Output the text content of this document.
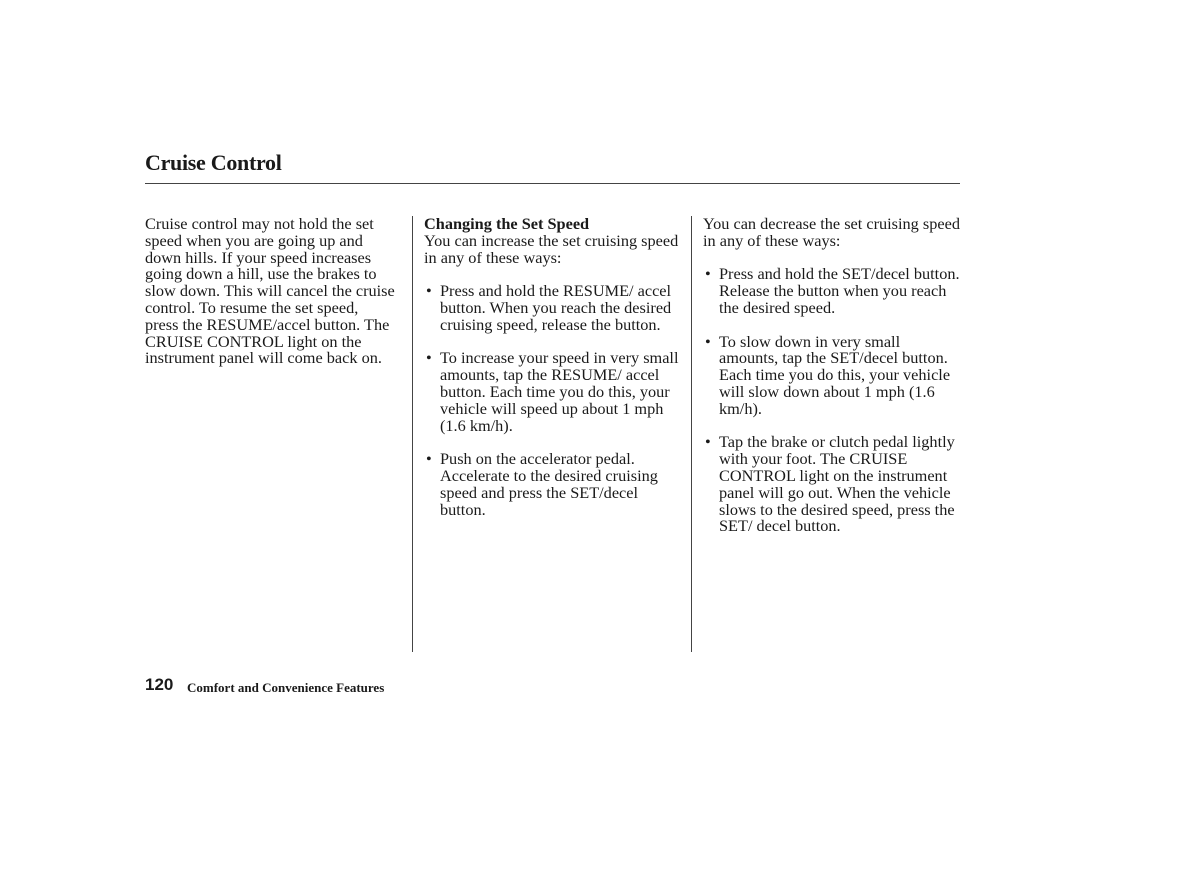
Cruise Control

Cruise control may not hold the set speed when you are going up and down hills. If your speed increases going down a hill, use the brakes to slow down. This will cancel the cruise control. To resume the set speed, press the RESUME/accel button. The CRUISE CONTROL light on the instrument panel will come back on.

Changing the Set Speed

You can increase the set cruising speed in any of these ways:

• Press and hold the RESUME/ accel button. When you reach the desired cruising speed, release the button.
• To increase your speed in very small amounts, tap the RESUME/ accel button. Each time you do this, your vehicle will speed up about 1 mph (1.6 km/h).
• Push on the accelerator pedal. Accelerate to the desired cruising speed and press the SET/decel button.

You can decrease the set cruising speed in any of these ways:

• Press and hold the SET/decel button. Release the button when you reach the desired speed.
• To slow down in very small amounts, tap the SET/decel button. Each time you do this, your vehicle will slow down about 1 mph (1.6 km/h).
• Tap the brake or clutch pedal lightly with your foot. The CRUISE CONTROL light on the instrument panel will go out. When the vehicle slows to the desired speed, press the SET/ decel button.
120 Comfort and Convenience Features
